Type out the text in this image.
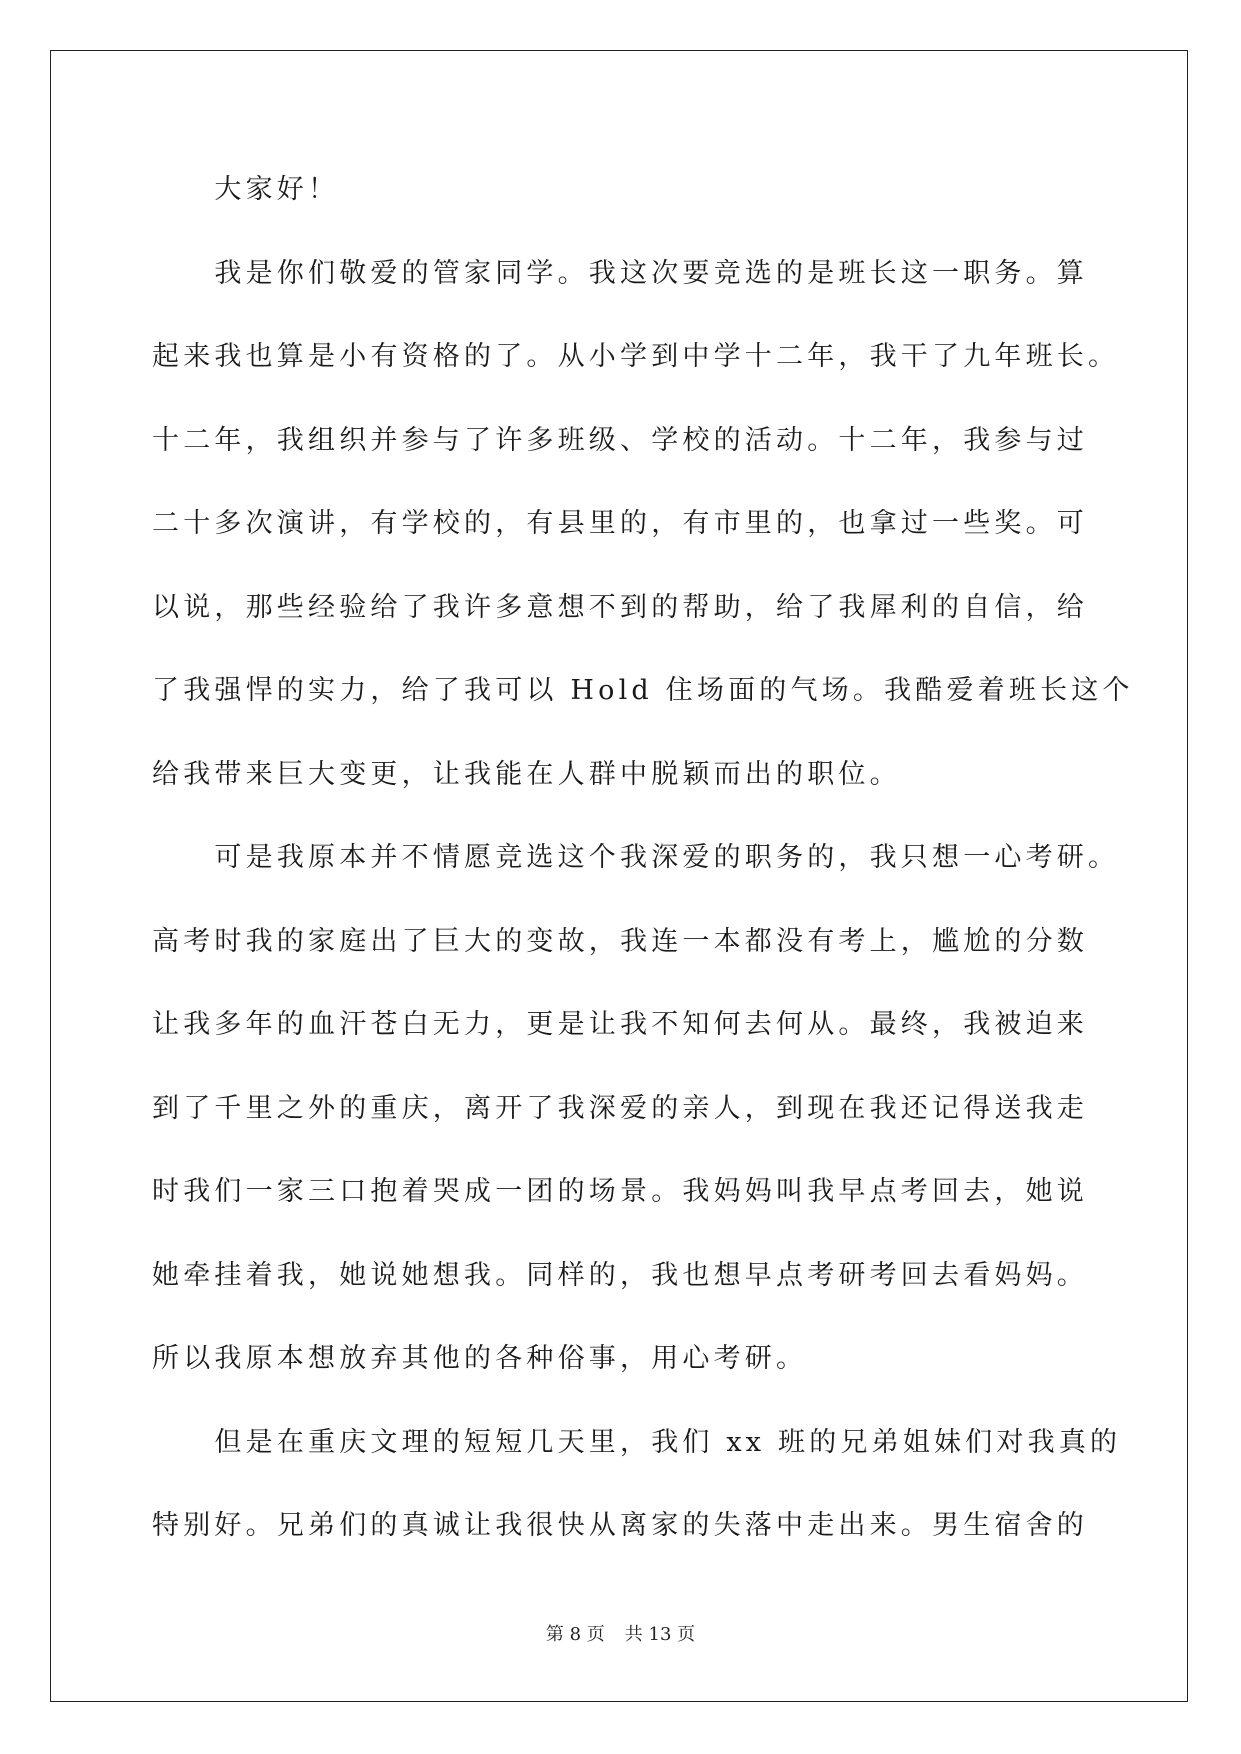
　　大家好！
　　我是你们敬爱的管家同学。我这次要竞选的是班长这一职务。算
起来我也算是小有资格的了。从小学到中学十二年，我干了九年班长。
十二年，我组织并参与了许多班级、学校的活动。十二年，我参与过
二十多次演讲，有学校的，有县里的，有市里的，也拿过一些奖。可
以说，那些经验给了我许多意想不到的帮助，给了我犀利的自信，给
了我强悍的实力，给了我可以 Hold 住场面的气场。我酷爱着班长这个
给我带来巨大变更，让我能在人群中脱颖而出的职位。
　　可是我原本并不情愿竞选这个我深爱的职务的，我只想一心考研。
高考时我的家庭出了巨大的变故，我连一本都没有考上，尴尬的分数
让我多年的血汗苍白无力，更是让我不知何去何从。最终，我被迫来
到了千里之外的重庆，离开了我深爱的亲人，到现在我还记得送我走
时我们一家三口抱着哭成一团的场景。我妈妈叫我早点考回去，她说
她牵挂着我，她说她想我。同样的，我也想早点考研考回去看妈妈。
所以我原本想放弃其他的各种俗事，用心考研。
　　但是在重庆文理的短短几天里，我们 xx 班的兄弟姐妹们对我真的
特别好。兄弟们的真诚让我很快从离家的失落中走出来。男生宿舍的
第 8 页 共 13 页
